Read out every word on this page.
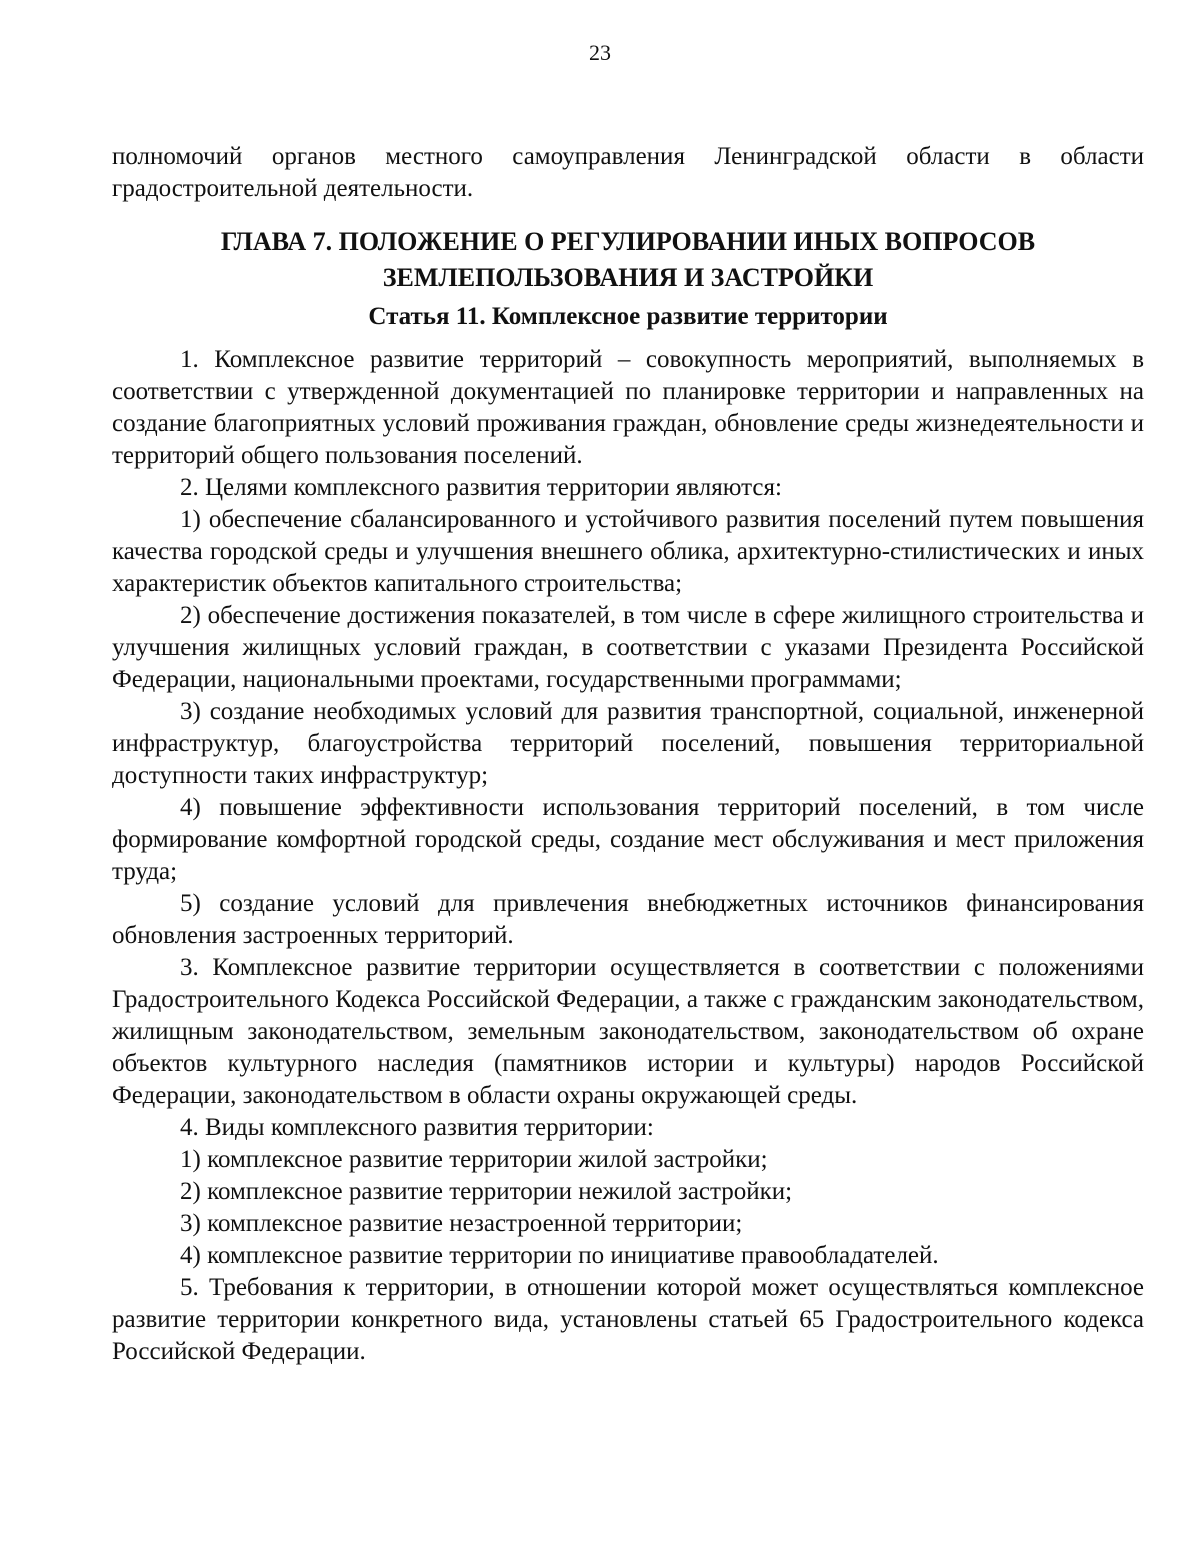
23

полномочий органов местного самоуправления Ленинградской области в области градостроительной деятельности.

ГЛАВА 7. ПОЛОЖЕНИЕ О РЕГУЛИРОВАНИИ ИНЫХ ВОПРОСОВ
ЗЕМЛЕПОЛЬЗОВАНИЯ И ЗАСТРОЙКИ
Статья 11. Комплексное развитие территории

1. Комплексное развитие территорий – совокупность мероприятий, выполняемых в соответствии с утвержденной документацией по планировке территории и направленных на создание благоприятных условий проживания граждан, обновление среды жизнедеятельности и территорий общего пользования поселений.

2. Целями комплексного развития территории являются:

1) обеспечение сбалансированного и устойчивого развития поселений путем повышения качества городской среды и улучшения внешнего облика, архитектурно-стилистических и иных характеристик объектов капитального строительства;

2) обеспечение достижения показателей, в том числе в сфере жилищного строительства и улучшения жилищных условий граждан, в соответствии с указами Президента Российской Федерации, национальными проектами, государственными программами;

3) создание необходимых условий для развития транспортной, социальной, инженерной инфраструктур, благоустройства территорий поселений, повышения территориальной доступности таких инфраструктур;

4) повышение эффективности использования территорий поселений, в том числе формирование комфортной городской среды, создание мест обслуживания и мест приложения труда;

5) создание условий для привлечения внебюджетных источников финансирования обновления застроенных территорий.

3. Комплексное развитие территории осуществляется в соответствии с положениями Градостроительного Кодекса Российской Федерации, а также с гражданским законодательством, жилищным законодательством, земельным законодательством, законодательством об охране объектов культурного наследия (памятников истории и культуры) народов Российской Федерации, законодательством в области охраны окружающей среды.

4. Виды комплексного развития территории:

1) комплексное развитие территории жилой застройки;

2) комплексное развитие территории нежилой застройки;

3) комплексное развитие незастроенной территории;

4) комплексное развитие территории по инициативе правообладателей.

5. Требования к территории, в отношении которой может осуществляться комплексное развитие территории конкретного вида, установлены статьей 65 Градостроительного кодекса Российской Федерации.
